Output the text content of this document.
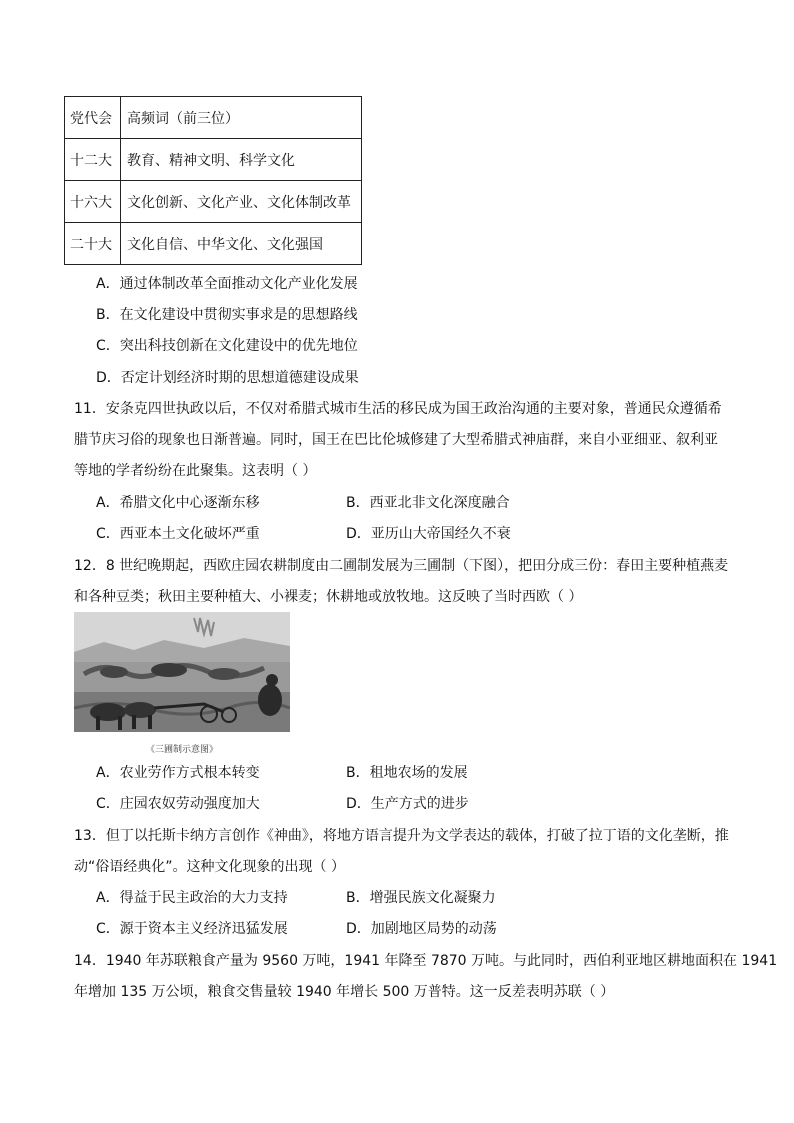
党代会	高频词（前三位）
十二大	教育、精神文明、科学文化
十六大	文化创新、文化产业、文化体制改革
二十大	文化自信、中华文化、文化强国
A．通过体制改革全面推动文化产业化发展
B．在文化建设中贯彻实事求是的思想路线
C．突出科技创新在文化建设中的优先地位
D．否定计划经济时期的思想道德建设成果
11．安条克四世执政以后，不仅对希腊式城市生活的移民成为国王政治沟通的主要对象，普通民众遵循希
腊节庆习俗的现象也日渐普遍。同时，国王在巴比伦城修建了大型希腊式神庙群，来自小亚细亚、叙利亚
等地的学者纷纷在此聚集。这表明（ ）
A．希腊文化中心逐渐东移	B．西亚北非文化深度融合
C．西亚本土文化破坏严重	D．亚历山大帝国经久不衰
12．8 世纪晚期起，西欧庄园农耕制度由二圃制发展为三圃制（下图），把田分成三份：春田主要种植燕麦
和各种豆类；秋田主要种植大、小裸麦；休耕地或放牧地。这反映了当时西欧（ ）
《三圃制示意图》
A．农业劳作方式根本转变	B．租地农场的发展
C．庄园农奴劳动强度加大	D．生产方式的进步
13．但丁以托斯卡纳方言创作《神曲》，将地方语言提升为文学表达的载体，打破了拉丁语的文化垄断，推
动“俗语经典化”。这种文化现象的出现（ ）
A．得益于民主政治的大力支持	B．增强民族文化凝聚力
C．源于资本主义经济迅猛发展	D．加剧地区局势的动荡
14．1940 年苏联粮食产量为 9560 万吨，1941 年降至 7870 万吨。与此同时，西伯利亚地区耕地面积在 1941
年增加 135 万公顷，粮食交售量较 1940 年增长 500 万普特。这一反差表明苏联（ ）
